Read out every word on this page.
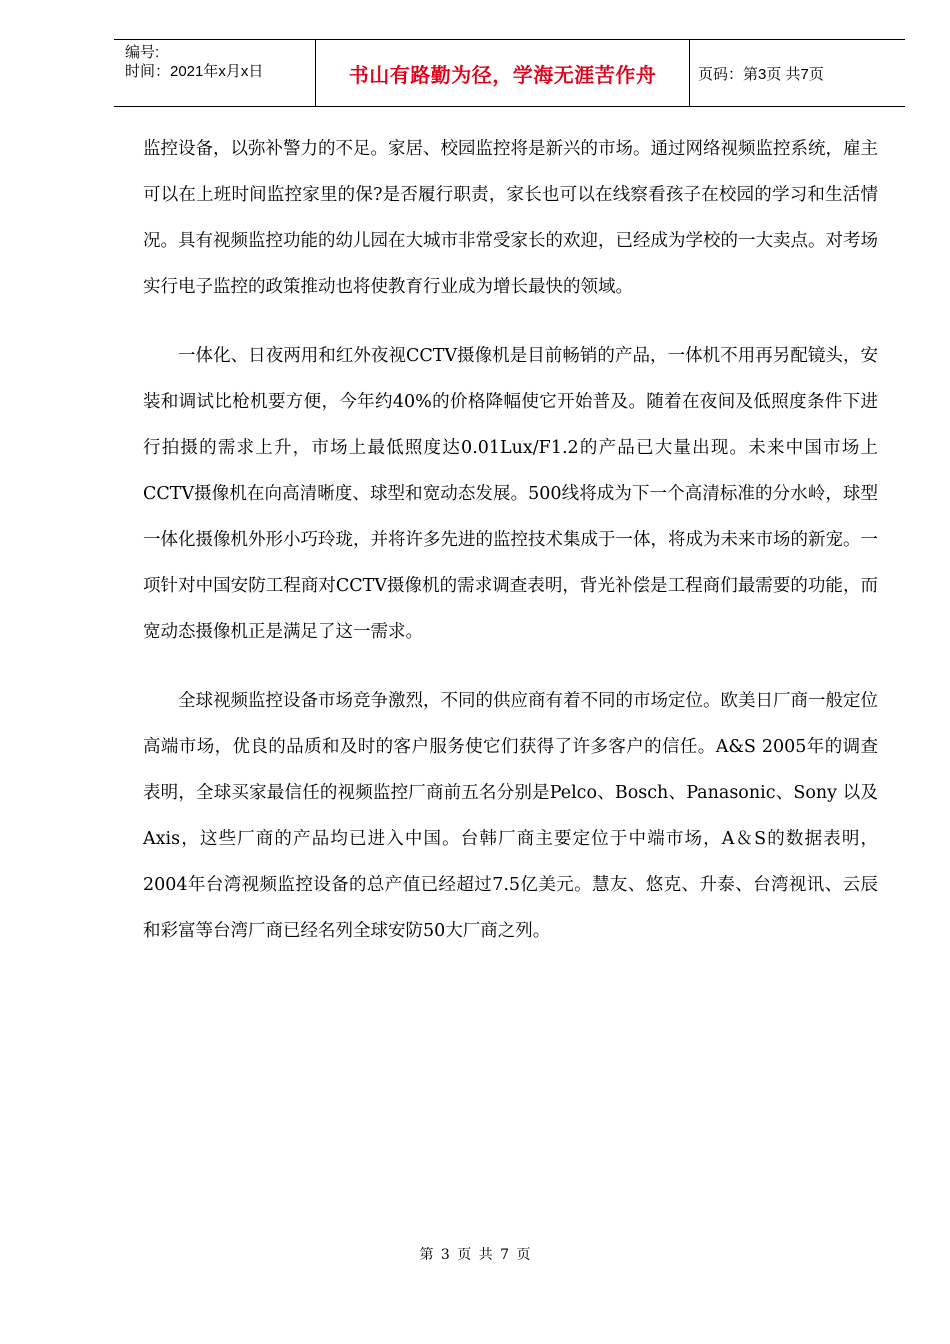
编号:
时间：2021年x月x日	书山有路勤为径，学海无涯苦作舟	页码：第3页 共7页

监控设备，以弥补警力的不足。家居、校园监控将是新兴的市场。通过网络视频监控系统，雇主可以在上班时间监控家里的保?是否履行职责，家长也可以在线察看孩子在校园的学习和生活情况。具有视频监控功能的幼儿园在大城市非常受家长的欢迎，已经成为学校的一大卖点。对考场实行电子监控的政策推动也将使教育行业成为增长最快的领域。

一体化、日夜两用和红外夜视CCTV摄像机是目前畅销的产品，一体机不用再另配镜头，安装和调试比枪机要方便，今年约40%的价格降幅使它开始普及。随着在夜间及低照度条件下进行拍摄的需求上升，市场上最低照度达0.01Lux/F1.2的产品已大量出现。未来中国市场上CCTV摄像机在向高清晰度、球型和宽动态发展。500线将成为下一个高清标准的分水岭，球型一体化摄像机外形小巧玲珑，并将许多先进的监控技术集成于一体，将成为未来市场的新宠。一项针对中国安防工程商对CCTV摄像机的需求调查表明，背光补偿是工程商们最需要的功能，而宽动态摄像机正是满足了这一需求。

全球视频监控设备市场竞争激烈，不同的供应商有着不同的市场定位。欧美日厂商一般定位高端市场，优良的品质和及时的客户服务使它们获得了许多客户的信任。A&S 2005年的调查表明，全球买家最信任的视频监控厂商前五名分别是Pelco、Bosch、Panasonic、Sony 以及Axis，这些厂商的产品均已进入中国。台韩厂商主要定位于中端市场，A＆S的数据表明，2004年台湾视频监控设备的总产值已经超过7.5亿美元。慧友、悠克、升泰、台湾视讯、云辰和彩富等台湾厂商已经名列全球安防50大厂商之列。

第 3 页 共 7 页
